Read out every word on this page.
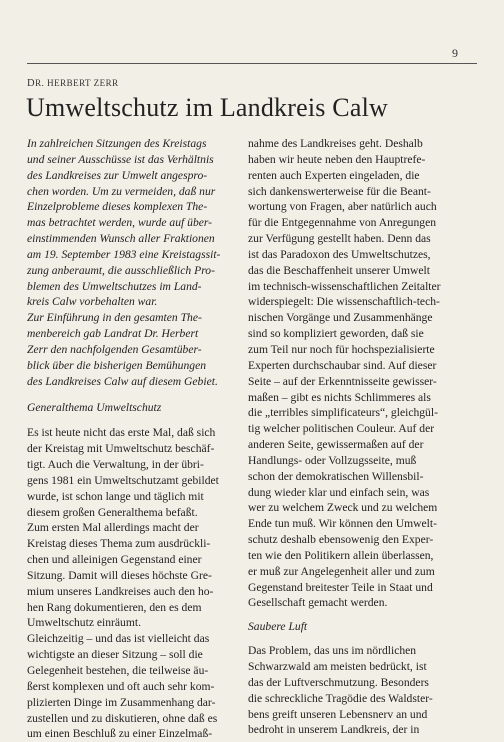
9
DR. HERBERT ZERR
Umweltschutz im Landkreis Calw
In zahlreichen Sitzungen des Kreistags
und seiner Ausschüsse ist das Verhältnis
des Landkreises zur Umwelt angespro-
chen worden. Um zu vermeiden, daß nur
Einzelprobleme dieses komplexen The-
mas betrachtet werden, wurde auf über-
einstimmenden Wunsch aller Fraktionen
am 19. September 1983 eine Kreistagssit-
zung anberaumt, die ausschließlich Pro-
blemen des Umweltschutzes im Land-
kreis Calw vorbehalten war.
Zur Einführung in den gesamten The-
menbereich gab Landrat Dr. Herbert
Zerr den nachfolgenden Gesamtüber-
blick über die bisherigen Bemühungen
des Landkreises Calw auf diesem Gebiet.
Generalthema Umweltschutz
Es ist heute nicht das erste Mal, daß sich
der Kreistag mit Umweltschutz beschäf-
tigt. Auch die Verwaltung, in der übri-
gens 1981 ein Umweltschutzamt gebildet
wurde, ist schon lange und täglich mit
diesem großen Generalthema befaßt.
Zum ersten Mal allerdings macht der
Kreistag dieses Thema zum ausdrückli-
chen und alleinigen Gegenstand einer
Sitzung. Damit will dieses höchste Gre-
mium unseres Landkreises auch den ho-
hen Rang dokumentieren, den es dem
Umweltschutz einräumt.
Gleichzeitig – und das ist vielleicht das
wichtigste an dieser Sitzung – soll die
Gelegenheit bestehen, die teilweise äu-
ßerst komplexen und oft auch sehr kom-
plizierten Dinge im Zusammenhang dar-
zustellen und zu diskutieren, ohne daß es
um einen Beschluß zu einer Einzelmaß-
nahme des Landkreises geht. Deshalb
haben wir heute neben den Hauptrefe-
renten auch Experten eingeladen, die
sich dankenswerterweise für die Beant-
wortung von Fragen, aber natürlich auch
für die Entgegennahme von Anregungen
zur Verfügung gestellt haben. Denn das
ist das Paradoxon des Umweltschutzes,
das die Beschaffenheit unserer Umwelt
im technisch-wissenschaftlichen Zeitalter
widerspiegelt: Die wissenschaftlich-tech-
nischen Vorgänge und Zusammenhänge
sind so kompliziert geworden, daß sie
zum Teil nur noch für hochspezialisierte
Experten durchschaubar sind. Auf dieser
Seite – auf der Erkenntnisseite gewisser-
maßen – gibt es nichts Schlimmeres als
die „terribles simplificateurs“, gleichgül-
tig welcher politischen Couleur. Auf der
anderen Seite, gewissermaßen auf der
Handlungs- oder Vollzugsseite, muß
schon der demokratischen Willensbil-
dung wieder klar und einfach sein, was
wer zu welchem Zweck und zu welchem
Ende tun muß. Wir können den Umwelt-
schutz deshalb ebensowenig den Exper-
ten wie den Politikern allein überlassen,
er muß zur Angelegenheit aller und zum
Gegenstand breitester Teile in Staat und
Gesellschaft gemacht werden.
Saubere Luft
Das Problem, das uns im nördlichen
Schwarzwald am meisten bedrückt, ist
das der Luftverschmutzung. Besonders
die schreckliche Tragödie des Waldster-
bens greift unseren Lebensnerv an und
bedroht in unserem Landkreis, der in
